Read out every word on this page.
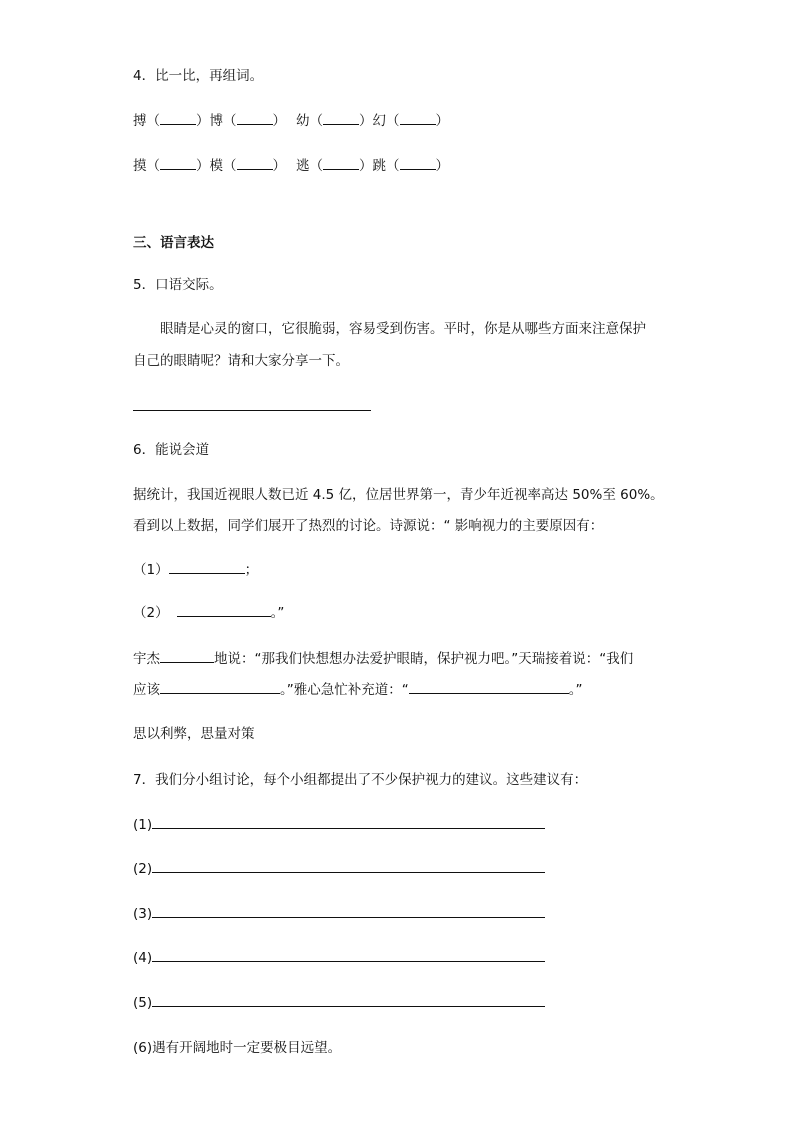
4．比一比，再组词。
搏（	）博（	） 幼（	）幻（	）
摸（	）模（	） 逃（	）跳（	）
三、语言表达
5．口语交际。
眼睛是心灵的窗口，它很脆弱，容易受到伤害。平时，你是从哪些方面来注意保护
自己的眼睛呢？请和大家分享一下。
6．能说会道
据统计，我国近视眼人数已近 4.5 亿，位居世界第一，青少年近视率高达 50%至 60%。
看到以上数据，同学们展开了热烈的讨论。诗源说：“ 影响视力的主要原因有：
（1）	；
（2）	。”
宇杰	地说：“那我们快想想办法爱护眼睛，保护视力吧。”天瑞接着说：“我们
应该	。”雅心急忙补充道：“	。”
思以利弊，思量对策
7．我们分小组讨论，每个小组都提出了不少保护视力的建议。这些建议有：
(1)
(2)
(3)
(4)
(5)
(6)遇有开阔地时一定要极目远望。
